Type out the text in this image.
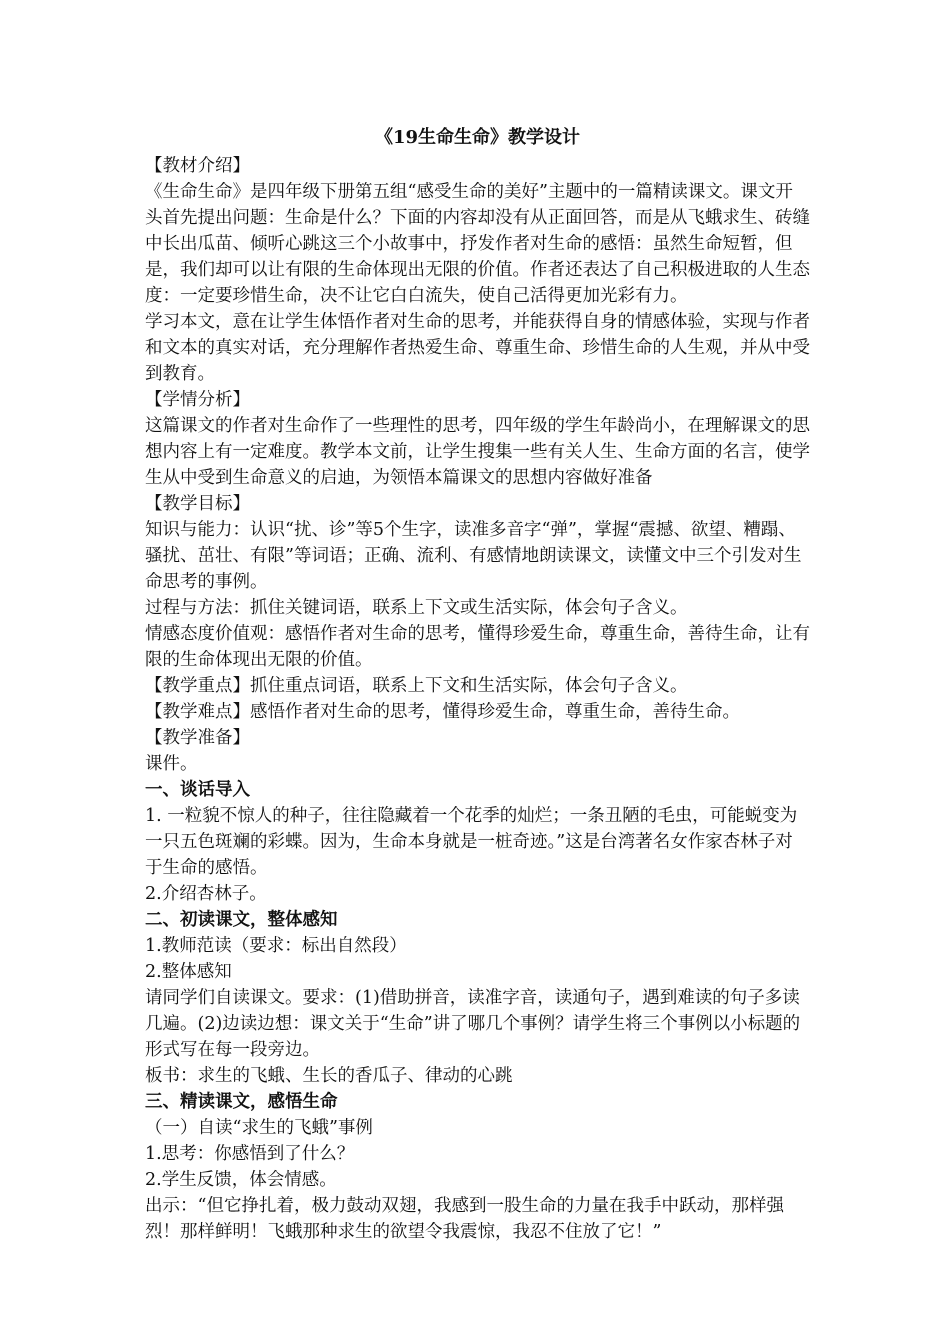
《19生命生命》教学设计

【教材介绍】

《生命生命》是四年级下册第五组“感受生命的美好”主题中的一篇精读课文。课文开头首先提出问题：生命是什么？下面的内容却没有从正面回答，而是从飞蛾求生、砖缝中长出瓜苗、倾听心跳这三个小故事中，抒发作者对生命的感悟：虽然生命短暂，但是，我们却可以让有限的生命体现出无限的价值。作者还表达了自己积极进取的人生态度：一定要珍惜生命，决不让它白白流失，使自己活得更加光彩有力。

学习本文，意在让学生体悟作者对生命的思考，并能获得自身的情感体验，实现与作者和文本的真实对话，充分理解作者热爱生命、尊重生命、珍惜生命的人生观，并从中受到教育。

【学情分析】

这篇课文的作者对生命作了一些理性的思考，四年级的学生年龄尚小，在理解课文的思想内容上有一定难度。教学本文前，让学生搜集一些有关人生、生命方面的名言，使学生从中受到生命意义的启迪，为领悟本篇课文的思想内容做好准备

【教学目标】

知识与能力：认识“扰、诊”等5个生字，读准多音字“弹”，掌握“震撼、欲望、糟蹋、骚扰、茁壮、有限”等词语；正确、流利、有感情地朗读课文，读懂文中三个引发对生命思考的事例。

过程与方法：抓住关键词语，联系上下文或生活实际，体会句子含义。

情感态度价值观：感悟作者对生命的思考，懂得珍爱生命，尊重生命，善待生命，让有限的生命体现出无限的价值。

【教学重点】抓住重点词语，联系上下文和生活实际，体会句子含义。

【教学难点】感悟作者对生命的思考，懂得珍爱生命，尊重生命，善待生命。

【教学准备】

课件。

一、谈话导入

1. 一粒貌不惊人的种子，往往隐藏着一个花季的灿烂；一条丑陋的毛虫，可能蜕变为一只五色斑斓的彩蝶。因为，生命本身就是一桩奇迹。”这是台湾著名女作家杏林子对于生命的感悟。

2.介绍杏林子。

二、初读课文，整体感知

1.教师范读（要求：标出自然段）

2.整体感知

请同学们自读课文。要求：(1)借助拼音，读准字音，读通句子，遇到难读的句子多读几遍。(2)边读边想：课文关于“生命”讲了哪几个事例？请学生将三个事例以小标题的形式写在每一段旁边。

板书：求生的飞蛾、生长的香瓜子、律动的心跳

三、精读课文，感悟生命

（一）自读“求生的飞蛾”事例

1.思考：你感悟到了什么？

2.学生反馈，体会情感。

出示：“但它挣扎着，极力鼓动双翅，我感到一股生命的力量在我手中跃动，那样强烈！那样鲜明！飞蛾那种求生的欲望令我震惊，我忍不住放了它！”
